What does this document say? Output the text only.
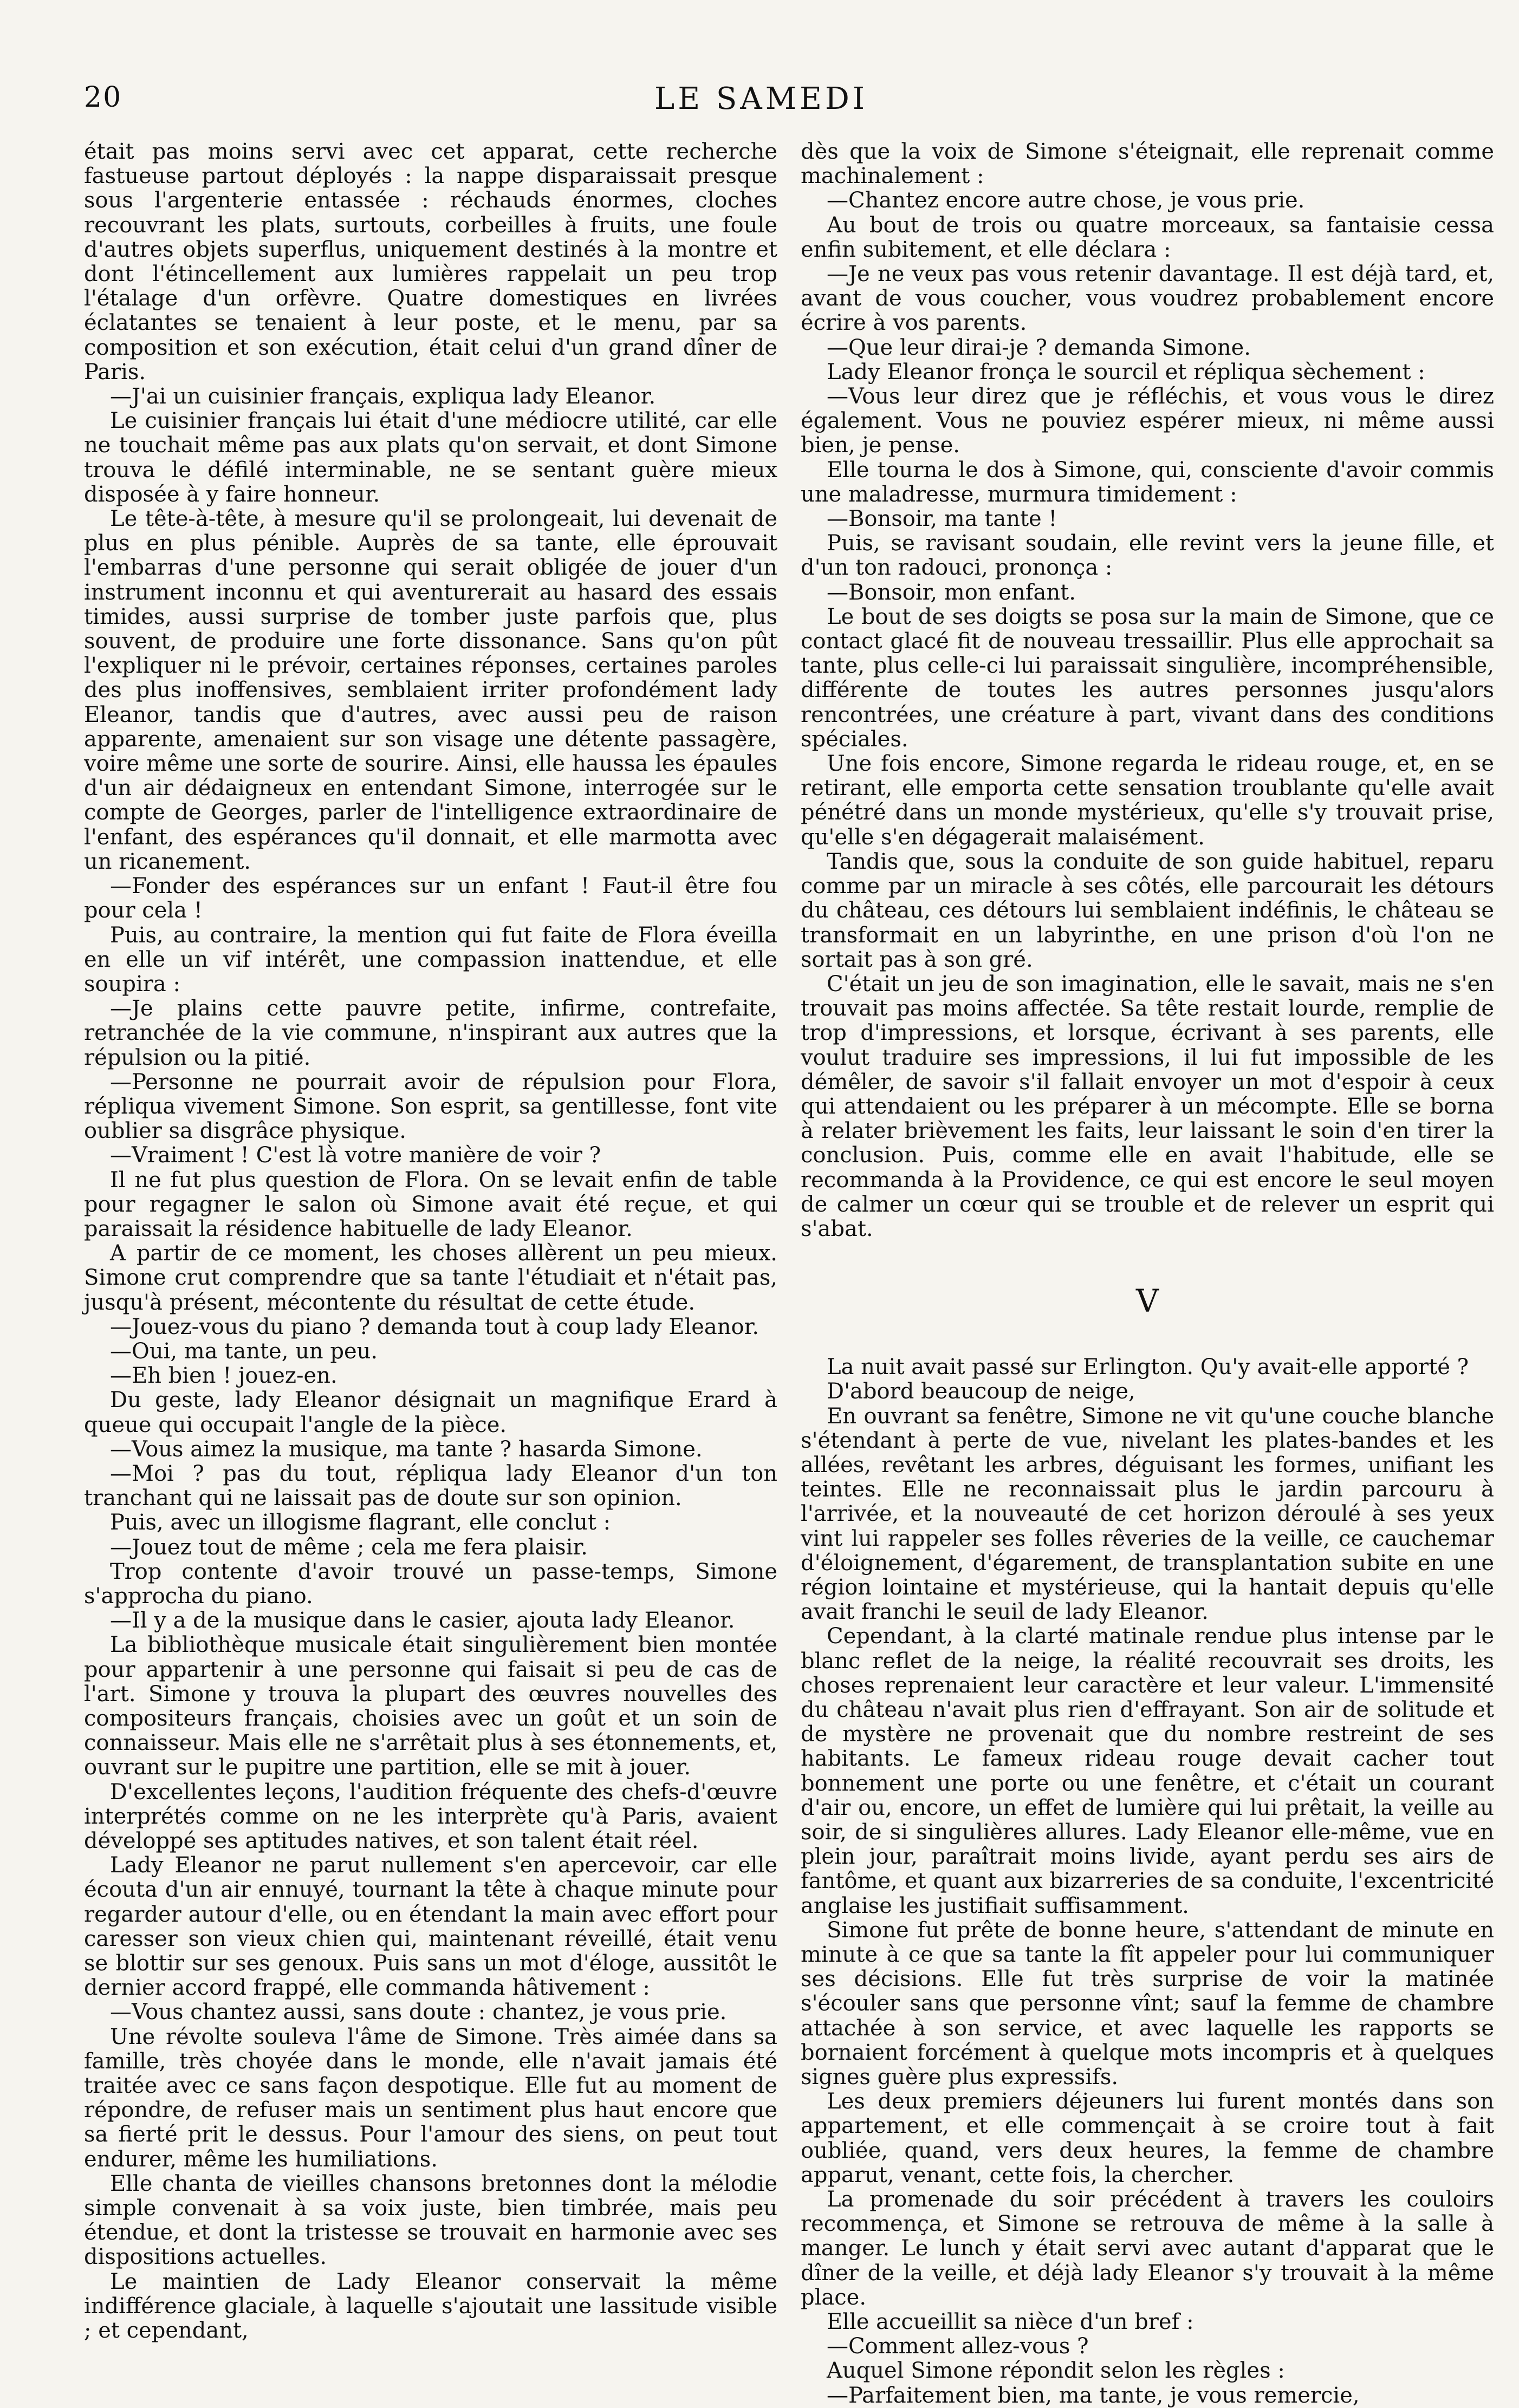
20	LE SAMEDI

était pas moins servi avec cet apparat, cette recherche fastueuse partout déployés : la nappe disparaissait presque sous l'argenterie entassée : réchauds énormes, cloches recouvrant les plats, surtouts, corbeilles à fruits, une foule d'autres objets superflus, uniquement destinés à la montre et dont l'étincellement aux lumières rappelait un peu trop l'étalage d'un orfèvre. Quatre domestiques en livrées éclatantes se tenaient à leur poste, et le menu, par sa composition et son exécution, était celui d'un grand dîner de Paris.

—J'ai un cuisinier français, expliqua lady Eleanor.

Le cuisinier français lui était d'une médiocre utilité, car elle ne touchait même pas aux plats qu'on servait, et dont Simone trouva le défilé interminable, ne se sentant guère mieux disposée à y faire honneur.

Le tête-à-tête, à mesure qu'il se prolongeait, lui devenait de plus en plus pénible. Auprès de sa tante, elle éprouvait l'embarras d'une personne qui serait obligée de jouer d'un instrument inconnu et qui aventurerait au hasard des essais timides, aussi surprise de tomber juste parfois que, plus souvent, de produire une forte dissonance. Sans qu'on pût l'expliquer ni le prévoir, certaines réponses, certaines paroles des plus inoffensives, semblaient irriter profondément lady Eleanor, tandis que d'autres, avec aussi peu de raison apparente, amenaient sur son visage une détente passagère, voire même une sorte de sourire. Ainsi, elle haussa les épaules d'un air dédaigneux en entendant Simone, interrogée sur le compte de Georges, parler de l'intelligence extraordinaire de l'enfant, des espérances qu'il donnait, et elle marmotta avec un ricanement.

—Fonder des espérances sur un enfant ! Faut-il être fou pour cela !

Puis, au contraire, la mention qui fut faite de Flora éveilla en elle un vif intérêt, une compassion inattendue, et elle soupira :

—Je plains cette pauvre petite, infirme, contrefaite, retranchée de la vie commune, n'inspirant aux autres que la répulsion ou la pitié.

—Personne ne pourrait avoir de répulsion pour Flora, répliqua vivement Simone. Son esprit, sa gentillesse, font vite oublier sa disgrâce physique.

—Vraiment ! C'est là votre manière de voir ?

Il ne fut plus question de Flora. On se levait enfin de table pour regagner le salon où Simone avait été reçue, et qui paraissait la résidence habituelle de lady Eleanor.

A partir de ce moment, les choses allèrent un peu mieux. Simone crut comprendre que sa tante l'étudiait et n'était pas, jusqu'à présent, mécontente du résultat de cette étude.

—Jouez-vous du piano ? demanda tout à coup lady Eleanor.

—Oui, ma tante, un peu.

—Eh bien ! jouez-en.

Du geste, lady Eleanor désignait un magnifique Erard à queue qui occupait l'angle de la pièce.

—Vous aimez la musique, ma tante ? hasarda Simone.

—Moi ? pas du tout, répliqua lady Eleanor d'un ton tranchant qui ne laissait pas de doute sur son opinion.

Puis, avec un illogisme flagrant, elle conclut :

—Jouez tout de même ; cela me fera plaisir.

Trop contente d'avoir trouvé un passe-temps, Simone s'approcha du piano.

—Il y a de la musique dans le casier, ajouta lady Eleanor.

La bibliothèque musicale était singulièrement bien montée pour appartenir à une personne qui faisait si peu de cas de l'art. Simone y trouva la plupart des œuvres nouvelles des compositeurs français, choisies avec un goût et un soin de connaisseur. Mais elle ne s'arrêtait plus à ses étonnements, et, ouvrant sur le pupitre une partition, elle se mit à jouer.

D'excellentes leçons, l'audition fréquente des chefs-d'œuvre interprétés comme on ne les interprète qu'à Paris, avaient développé ses aptitudes natives, et son talent était réel.

Lady Eleanor ne parut nullement s'en apercevoir, car elle écouta d'un air ennuyé, tournant la tête à chaque minute pour regarder autour d'elle, ou en étendant la main avec effort pour caresser son vieux chien qui, maintenant réveillé, était venu se blottir sur ses genoux. Puis sans un mot d'éloge, aussitôt le dernier accord frappé, elle commanda hâtivement :

—Vous chantez aussi, sans doute : chantez, je vous prie.

Une révolte souleva l'âme de Simone. Très aimée dans sa famille, très choyée dans le monde, elle n'avait jamais été traitée avec ce sans façon despotique. Elle fut au moment de répondre, de refuser mais un sentiment plus haut encore que sa fierté prit le dessus. Pour l'amour des siens, on peut tout endurer, même les humiliations.

Elle chanta de vieilles chansons bretonnes dont la mélodie simple convenait à sa voix juste, bien timbrée, mais peu étendue, et dont la tristesse se trouvait en harmonie avec ses dispositions actuelles.

Le maintien de Lady Eleanor conservait la même indifférence glaciale, à laquelle s'ajoutait une lassitude visible ; et cependant,

dès que la voix de Simone s'éteignait, elle reprenait comme machinalement :

—Chantez encore autre chose, je vous prie.

Au bout de trois ou quatre morceaux, sa fantaisie cessa enfin subitement, et elle déclara :

—Je ne veux pas vous retenir davantage. Il est déjà tard, et, avant de vous coucher, vous voudrez probablement encore écrire à vos parents.

—Que leur dirai-je ? demanda Simone.

Lady Eleanor fronça le sourcil et répliqua sèchement :

—Vous leur direz que je réfléchis, et vous vous le direz également. Vous ne pouviez espérer mieux, ni même aussi bien, je pense.

Elle tourna le dos à Simone, qui, consciente d'avoir commis une maladresse, murmura timidement :

—Bonsoir, ma tante !

Puis, se ravisant soudain, elle revint vers la jeune fille, et d'un ton radouci, prononça :

—Bonsoir, mon enfant.

Le bout de ses doigts se posa sur la main de Simone, que ce contact glacé fit de nouveau tressaillir. Plus elle approchait sa tante, plus celle-ci lui paraissait singulière, incompréhensible, différente de toutes les autres personnes jusqu'alors rencontrées, une créature à part, vivant dans des conditions spéciales.

Une fois encore, Simone regarda le rideau rouge, et, en se retirant, elle emporta cette sensation troublante qu'elle avait pénétré dans un monde mystérieux, qu'elle s'y trouvait prise, qu'elle s'en dégagerait malaisément.

Tandis que, sous la conduite de son guide habituel, reparu comme par un miracle à ses côtés, elle parcourait les détours du château, ces détours lui semblaient indéfinis, le château se transformait en un labyrinthe, en une prison d'où l'on ne sortait pas à son gré.

C'était un jeu de son imagination, elle le savait, mais ne s'en trouvait pas moins affectée. Sa tête restait lourde, remplie de trop d'impressions, et lorsque, écrivant à ses parents, elle voulut traduire ses impressions, il lui fut impossible de les démêler, de savoir s'il fallait envoyer un mot d'espoir à ceux qui attendaient ou les préparer à un mécompte. Elle se borna à relater brièvement les faits, leur laissant le soin d'en tirer la conclusion. Puis, comme elle en avait l'habitude, elle se recommanda à la Providence, ce qui est encore le seul moyen de calmer un cœur qui se trouble et de relever un esprit qui s'abat.

V

La nuit avait passé sur Erlington. Qu'y avait-elle apporté ?

D'abord beaucoup de neige,

En ouvrant sa fenêtre, Simone ne vit qu'une couche blanche s'étendant à perte de vue, nivelant les plates-bandes et les allées, revêtant les arbres, déguisant les formes, unifiant les teintes. Elle ne reconnaissait plus le jardin parcouru à l'arrivée, et la nouveauté de cet horizon déroulé à ses yeux vint lui rappeler ses folles rêveries de la veille, ce cauchemar d'éloignement, d'égarement, de transplantation subite en une région lointaine et mystérieuse, qui la hantait depuis qu'elle avait franchi le seuil de lady Eleanor.

Cependant, à la clarté matinale rendue plus intense par le blanc reflet de la neige, la réalité recouvrait ses droits, les choses reprenaient leur caractère et leur valeur. L'immensité du château n'avait plus rien d'effrayant. Son air de solitude et de mystère ne provenait que du nombre restreint de ses habitants. Le fameux rideau rouge devait cacher tout bonnement une porte ou une fenêtre, et c'était un courant d'air ou, encore, un effet de lumière qui lui prêtait, la veille au soir, de si singulières allures. Lady Eleanor elle-même, vue en plein jour, paraîtrait moins livide, ayant perdu ses airs de fantôme, et quant aux bizarreries de sa conduite, l'excentricité anglaise les justifiait suffisamment.

Simone fut prête de bonne heure, s'attendant de minute en minute à ce que sa tante la fît appeler pour lui communiquer ses décisions. Elle fut très surprise de voir la matinée s'écouler sans que personne vînt; sauf la femme de chambre attachée à son service, et avec laquelle les rapports se bornaient forcément à quelque mots incompris et à quelques signes guère plus expressifs.

Les deux premiers déjeuners lui furent montés dans son appartement, et elle commençait à se croire tout à fait oubliée, quand, vers deux heures, la femme de chambre apparut, venant, cette fois, la chercher.

La promenade du soir précédent à travers les couloirs recommença, et Simone se retrouva de même à la salle à manger. Le lunch y était servi avec autant d'apparat que le dîner de la veille, et déjà lady Eleanor s'y trouvait à la même place.

Elle accueillit sa nièce d'un bref :

—Comment allez-vous ?

Auquel Simone répondit selon les règles :

—Parfaitement bien, ma tante, je vous remercie,
